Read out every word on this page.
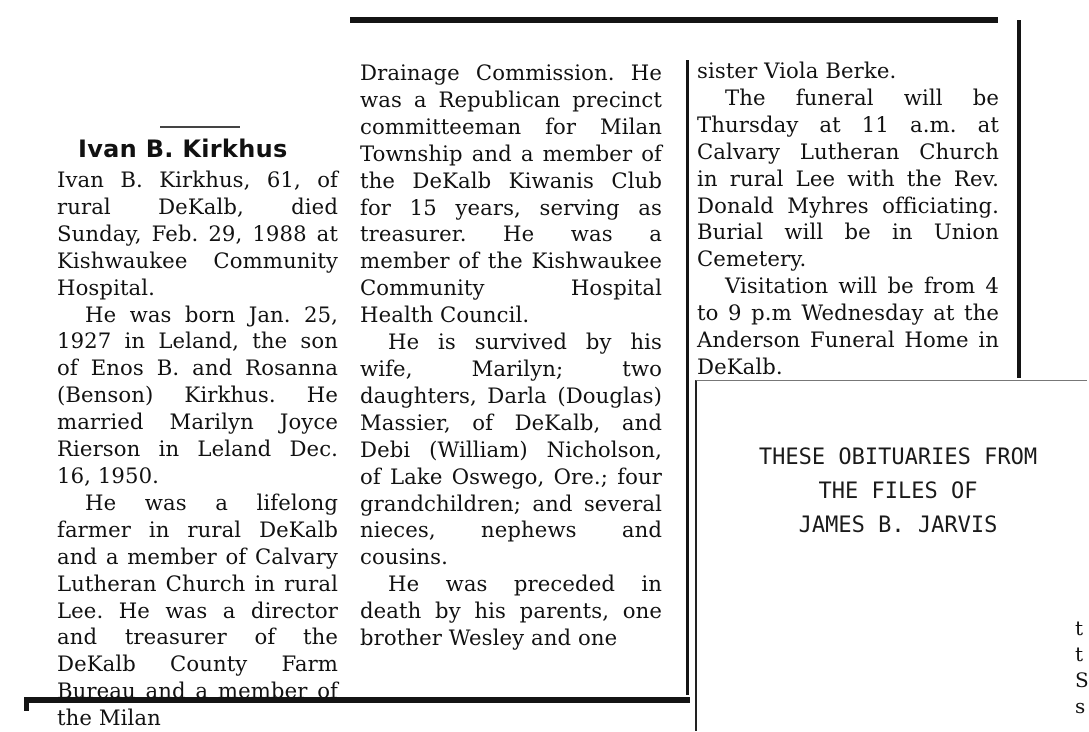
Ivan B. Kirkhus

Ivan B. Kirkhus, 61, of rural DeKalb, died Sunday, Feb. 29, 1988 at Kishwaukee Community Hospital.

He was born Jan. 25, 1927 in Leland, the son of Enos B. and Rosanna (Benson) Kirkhus. He married Marilyn Joyce Rierson in Leland Dec. 16, 1950.

He was a lifelong farmer in rural DeKalb and a member of Calvary Lutheran Church in rural Lee. He was a director and treasurer of the DeKalb County Farm Bureau and a member of the Milan

Drainage Commission. He was a Republican precinct committeeman for Milan Township and a member of the DeKalb Kiwanis Club for 15 years, serving as treasurer. He was a member of the Kishwaukee Community Hospital Health Council.

He is survived by his wife, Marilyn; two daughters, Darla (Douglas) Massier, of DeKalb, and Debi (William) Nicholson, of Lake Oswego, Ore.; four grandchildren; and several nieces, nephews and cousins.

He was preceded in death by his parents, one brother Wesley and one

sister Viola Berke.

The funeral will be Thursday at 11 a.m. at Calvary Lutheran Church in rural Lee with the Rev. Donald Myhres officiating. Burial will be in Union Cemetery.

Visitation will be from 4 to 9 p.m Wednesday at the Anderson Funeral Home in DeKalb.

THESE OBITUARIES FROM
THE FILES OF
JAMES B. JARVIS
t
t
S
s
